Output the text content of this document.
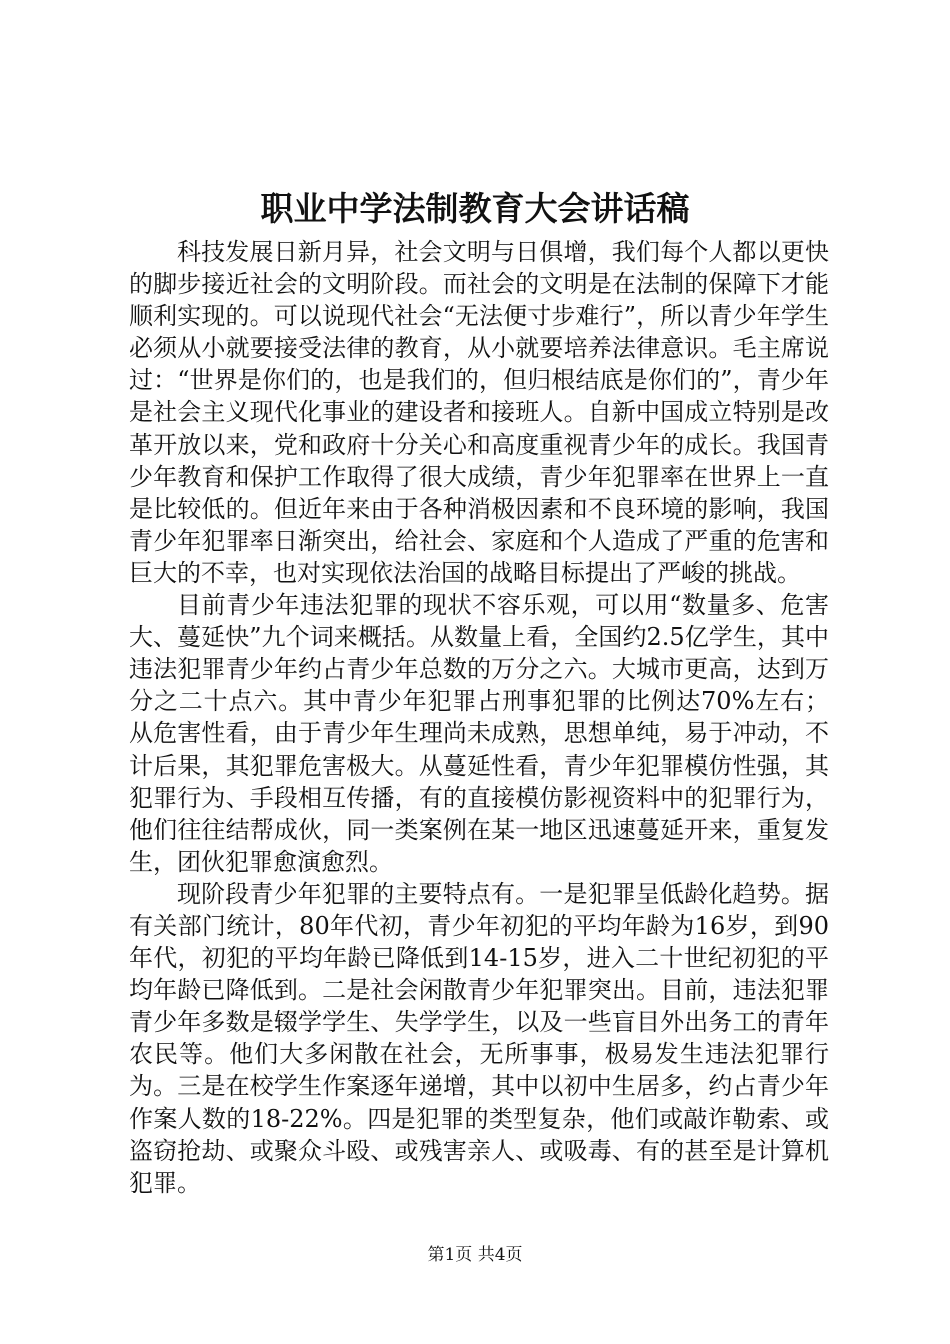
职业中学法制教育大会讲话稿

科技发展日新月异，社会文明与日俱增，我们每个人都以更快的脚步接近社会的文明阶段。而社会的文明是在法制的保障下才能顺利实现的。可以说现代社会“无法便寸步难行”，所以青少年学生必须从小就要接受法律的教育，从小就要培养法律意识。毛主席说过：“世界是你们的，也是我们的，但归根结底是你们的”，青少年是社会主义现代化事业的建设者和接班人。自新中国成立特别是改革开放以来，党和政府十分关心和高度重视青少年的成长。我国青少年教育和保护工作取得了很大成绩，青少年犯罪率在世界上一直是比较低的。但近年来由于各种消极因素和不良环境的影响，我国青少年犯罪率日渐突出，给社会、家庭和个人造成了严重的危害和巨大的不幸，也对实现依法治国的战略目标提出了严峻的挑战。

目前青少年违法犯罪的现状不容乐观，可以用“数量多、危害大、蔓延快”九个词来概括。从数量上看，全国约2.5亿学生，其中违法犯罪青少年约占青少年总数的万分之六。大城市更高，达到万分之二十点六。其中青少年犯罪占刑事犯罪的比例达70%左右；从危害性看，由于青少年生理尚未成熟，思想单纯，易于冲动，不计后果，其犯罪危害极大。从蔓延性看，青少年犯罪模仿性强，其犯罪行为、手段相互传播，有的直接模仿影视资料中的犯罪行为，他们往往结帮成伙，同一类案例在某一地区迅速蔓延开来，重复发生，团伙犯罪愈演愈烈。

现阶段青少年犯罪的主要特点有。一是犯罪呈低龄化趋势。据有关部门统计，80年代初，青少年初犯的平均年龄为16岁，到90年代，初犯的平均年龄已降低到14-15岁，进入二十世纪初犯的平均年龄已降低到。二是社会闲散青少年犯罪突出。目前，违法犯罪青少年多数是辍学学生、失学学生，以及一些盲目外出务工的青年农民等。他们大多闲散在社会，无所事事，极易发生违法犯罪行为。三是在校学生作案逐年递增，其中以初中生居多，约占青少年作案人数的18-22%。四是犯罪的类型复杂，他们或敲诈勒索、或盗窃抢劫、或聚众斗殴、或残害亲人、或吸毒、有的甚至是计算机犯罪。

第1页 共4页
